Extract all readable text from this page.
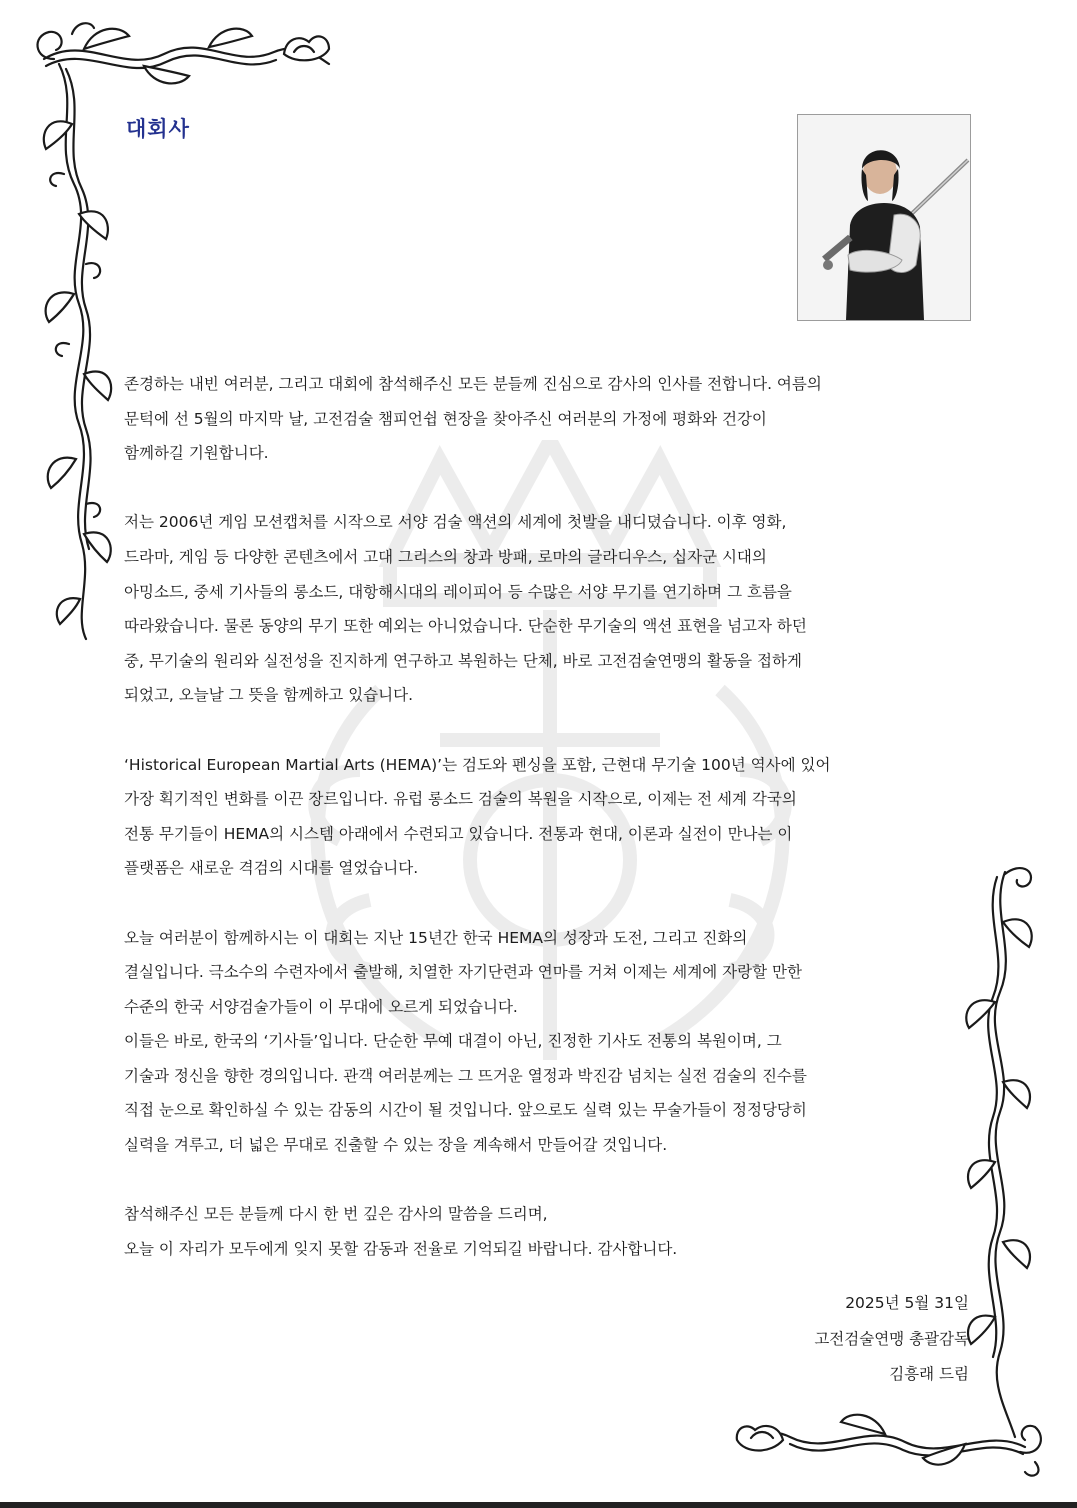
대회사

존경하는 내빈 여러분, 그리고 대회에 참석해주신 모든 분들께 진심으로 감사의 인사를 전합니다. 여름의
문턱에 선 5월의 마지막 날, 고전검술 챔피언쉽 현장을 찾아주신 여러분의 가정에 평화와 건강이
함께하길 기원합니다.

저는 2006년 게임 모션캡처를 시작으로 서양 검술 액션의 세계에 첫발을 내디뎠습니다. 이후 영화,
드라마, 게임 등 다양한 콘텐츠에서 고대 그리스의 창과 방패, 로마의 글라디우스, 십자군 시대의
아밍소드, 중세 기사들의 롱소드, 대항해시대의 레이피어 등 수많은 서양 무기를 연기하며 그 흐름을
따라왔습니다. 물론 동양의 무기 또한 예외는 아니었습니다. 단순한 무기술의 액션 표현을 넘고자 하던
중, 무기술의 원리와 실전성을 진지하게 연구하고 복원하는 단체, 바로 고전검술연맹의 활동을 접하게
되었고, 오늘날 그 뜻을 함께하고 있습니다.

‘Historical European Martial Arts (HEMA)’는 검도와 펜싱을 포함, 근현대 무기술 100년 역사에 있어
가장 획기적인 변화를 이끈 장르입니다. 유럽 롱소드 검술의 복원을 시작으로, 이제는 전 세계 각국의
전통 무기들이 HEMA의 시스템 아래에서 수련되고 있습니다. 전통과 현대, 이론과 실전이 만나는 이
플랫폼은 새로운 격검의 시대를 열었습니다.

오늘 여러분이 함께하시는 이 대회는 지난 15년간 한국 HEMA의 성장과 도전, 그리고 진화의
결실입니다. 극소수의 수련자에서 출발해, 치열한 자기단련과 연마를 거쳐 이제는 세계에 자랑할 만한
수준의 한국 서양검술가들이 이 무대에 오르게 되었습니다.
이들은 바로, 한국의 ‘기사들’입니다. 단순한 무예 대결이 아닌, 진정한 기사도 전통의 복원이며, 그
기술과 정신을 향한 경의입니다. 관객 여러분께는 그 뜨거운 열정과 박진감 넘치는 실전 검술의 진수를
직접 눈으로 확인하실 수 있는 감동의 시간이 될 것입니다. 앞으로도 실력 있는 무술가들이 정정당당히
실력을 겨루고, 더 넓은 무대로 진출할 수 있는 장을 계속해서 만들어갈 것입니다.

참석해주신 모든 분들께 다시 한 번 깊은 감사의 말씀을 드리며,
오늘 이 자리가 모두에게 잊지 못할 감동과 전율로 기억되길 바랍니다. 감사합니다.

2025년 5월 31일
고전검술연맹 총괄감독
김흥래 드림
